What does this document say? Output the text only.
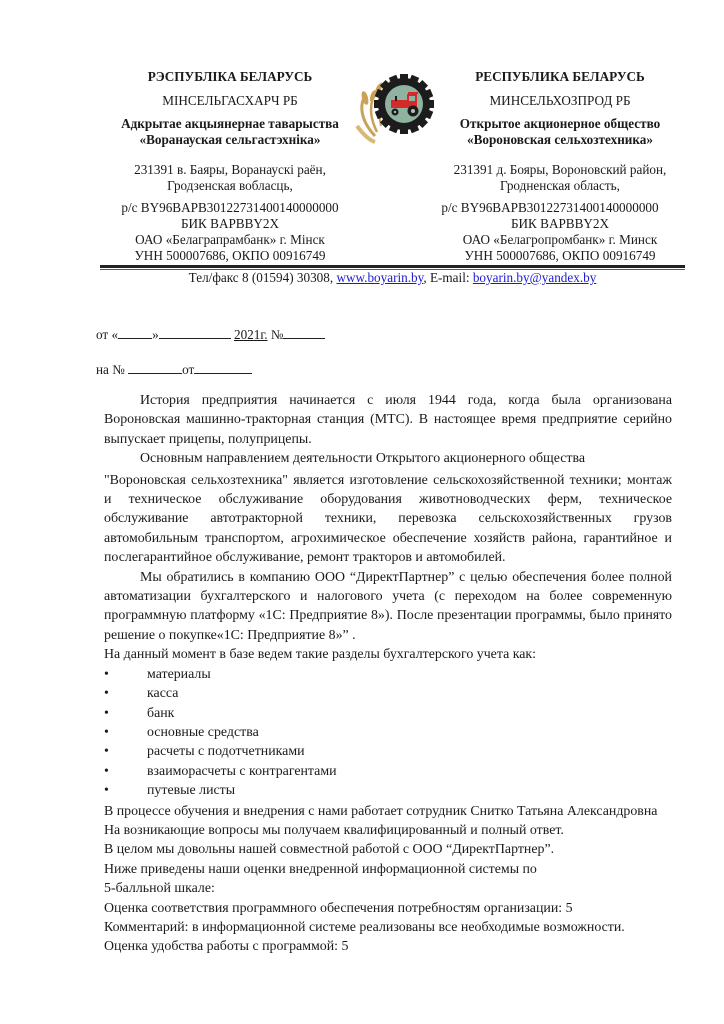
РЭСПУБЛІКА БЕЛАРУСЬ
МІНСЕЛЬГАСХАРЧ РБ
Адкрытае акцыянернае таварыства
«Воранауская сельгастэхніка»
РЕСПУБЛИКА БЕЛАРУСЬ
МИНСЕЛЬХОЗПРОД РБ
Открытое акционерное общество
«Вороновская сельхозтехника»
231391 в. Баяры, Воранаускі раён,
Гродзенская вобласць,
231391 д. Бояры, Вороновский район,
Гродненская область,
р/с BY96BAPB30122731400140000000
БИК BAPBBY2X
ОАО «Белаграпрамбанк» г. Мінск
УНН 500007686, ОКПО 00916749
р/с BY96BAPB30122731400140000000
БИК BAPBBY2X
ОАО «Белагропромбанк» г. Минск
УНН 500007686, ОКПО 00916749
Тел/факс 8 (01594) 30308, www.boyarin.by, E-mail: boyarin.by@yandex.by
от «	»	2021г. №
на №	от

История предприятия начинается с июля 1944 года, когда была организована Вороновская машинно-тракторная станция (МТС). В настоящее время предприятие серийно выпускает прицепы, полуприцепы.

Основным направлением деятельности Открытого акционерного общества

"Вороновская сельхозтехника" является изготовление сельскохозяйственной техники; монтаж и техническое обслуживание оборудования животноводческих ферм, техническое обслуживание автотракторной техники, перевозка сельскохозяйственных грузов автомобильным транспортом, агрохимическое обеспечение хозяйств района, гарантийное и послегарантийное обслуживание, ремонт тракторов и автомобилей.

Мы обратились в компанию ООО “ДиректПартнер” с целью обеспечения более полной автоматизации бухгалтерского и налогового учета (с переходом на более современную программную платформу «1С: Предприятие 8»). После презентации программы, было принято решение о покупке«1С: Предприятие 8»” .

На данный момент в базе ведем такие разделы бухгалтерского учета как:

•	материалы
•	касса
•	банк
•	основные средства
•	расчеты с подотчетниками
•	взаиморасчеты с контрагентами
•	путевые листы

В процессе обучения и внедрения с нами работает сотрудник Снитко Татьяна Александровна

На возникающие вопросы мы получаем квалифицированный и полный ответ.

В целом мы довольны нашей совместной работой с ООО “ДиректПартнер”.

Ниже приведены наши оценки внедренной информационной системы по

5-балльной шкале:

Оценка соответствия программного обеспечения потребностям организации: 5

Комментарий: в информационной системе реализованы все необходимые возможности.

Оценка удобства работы с программой: 5
